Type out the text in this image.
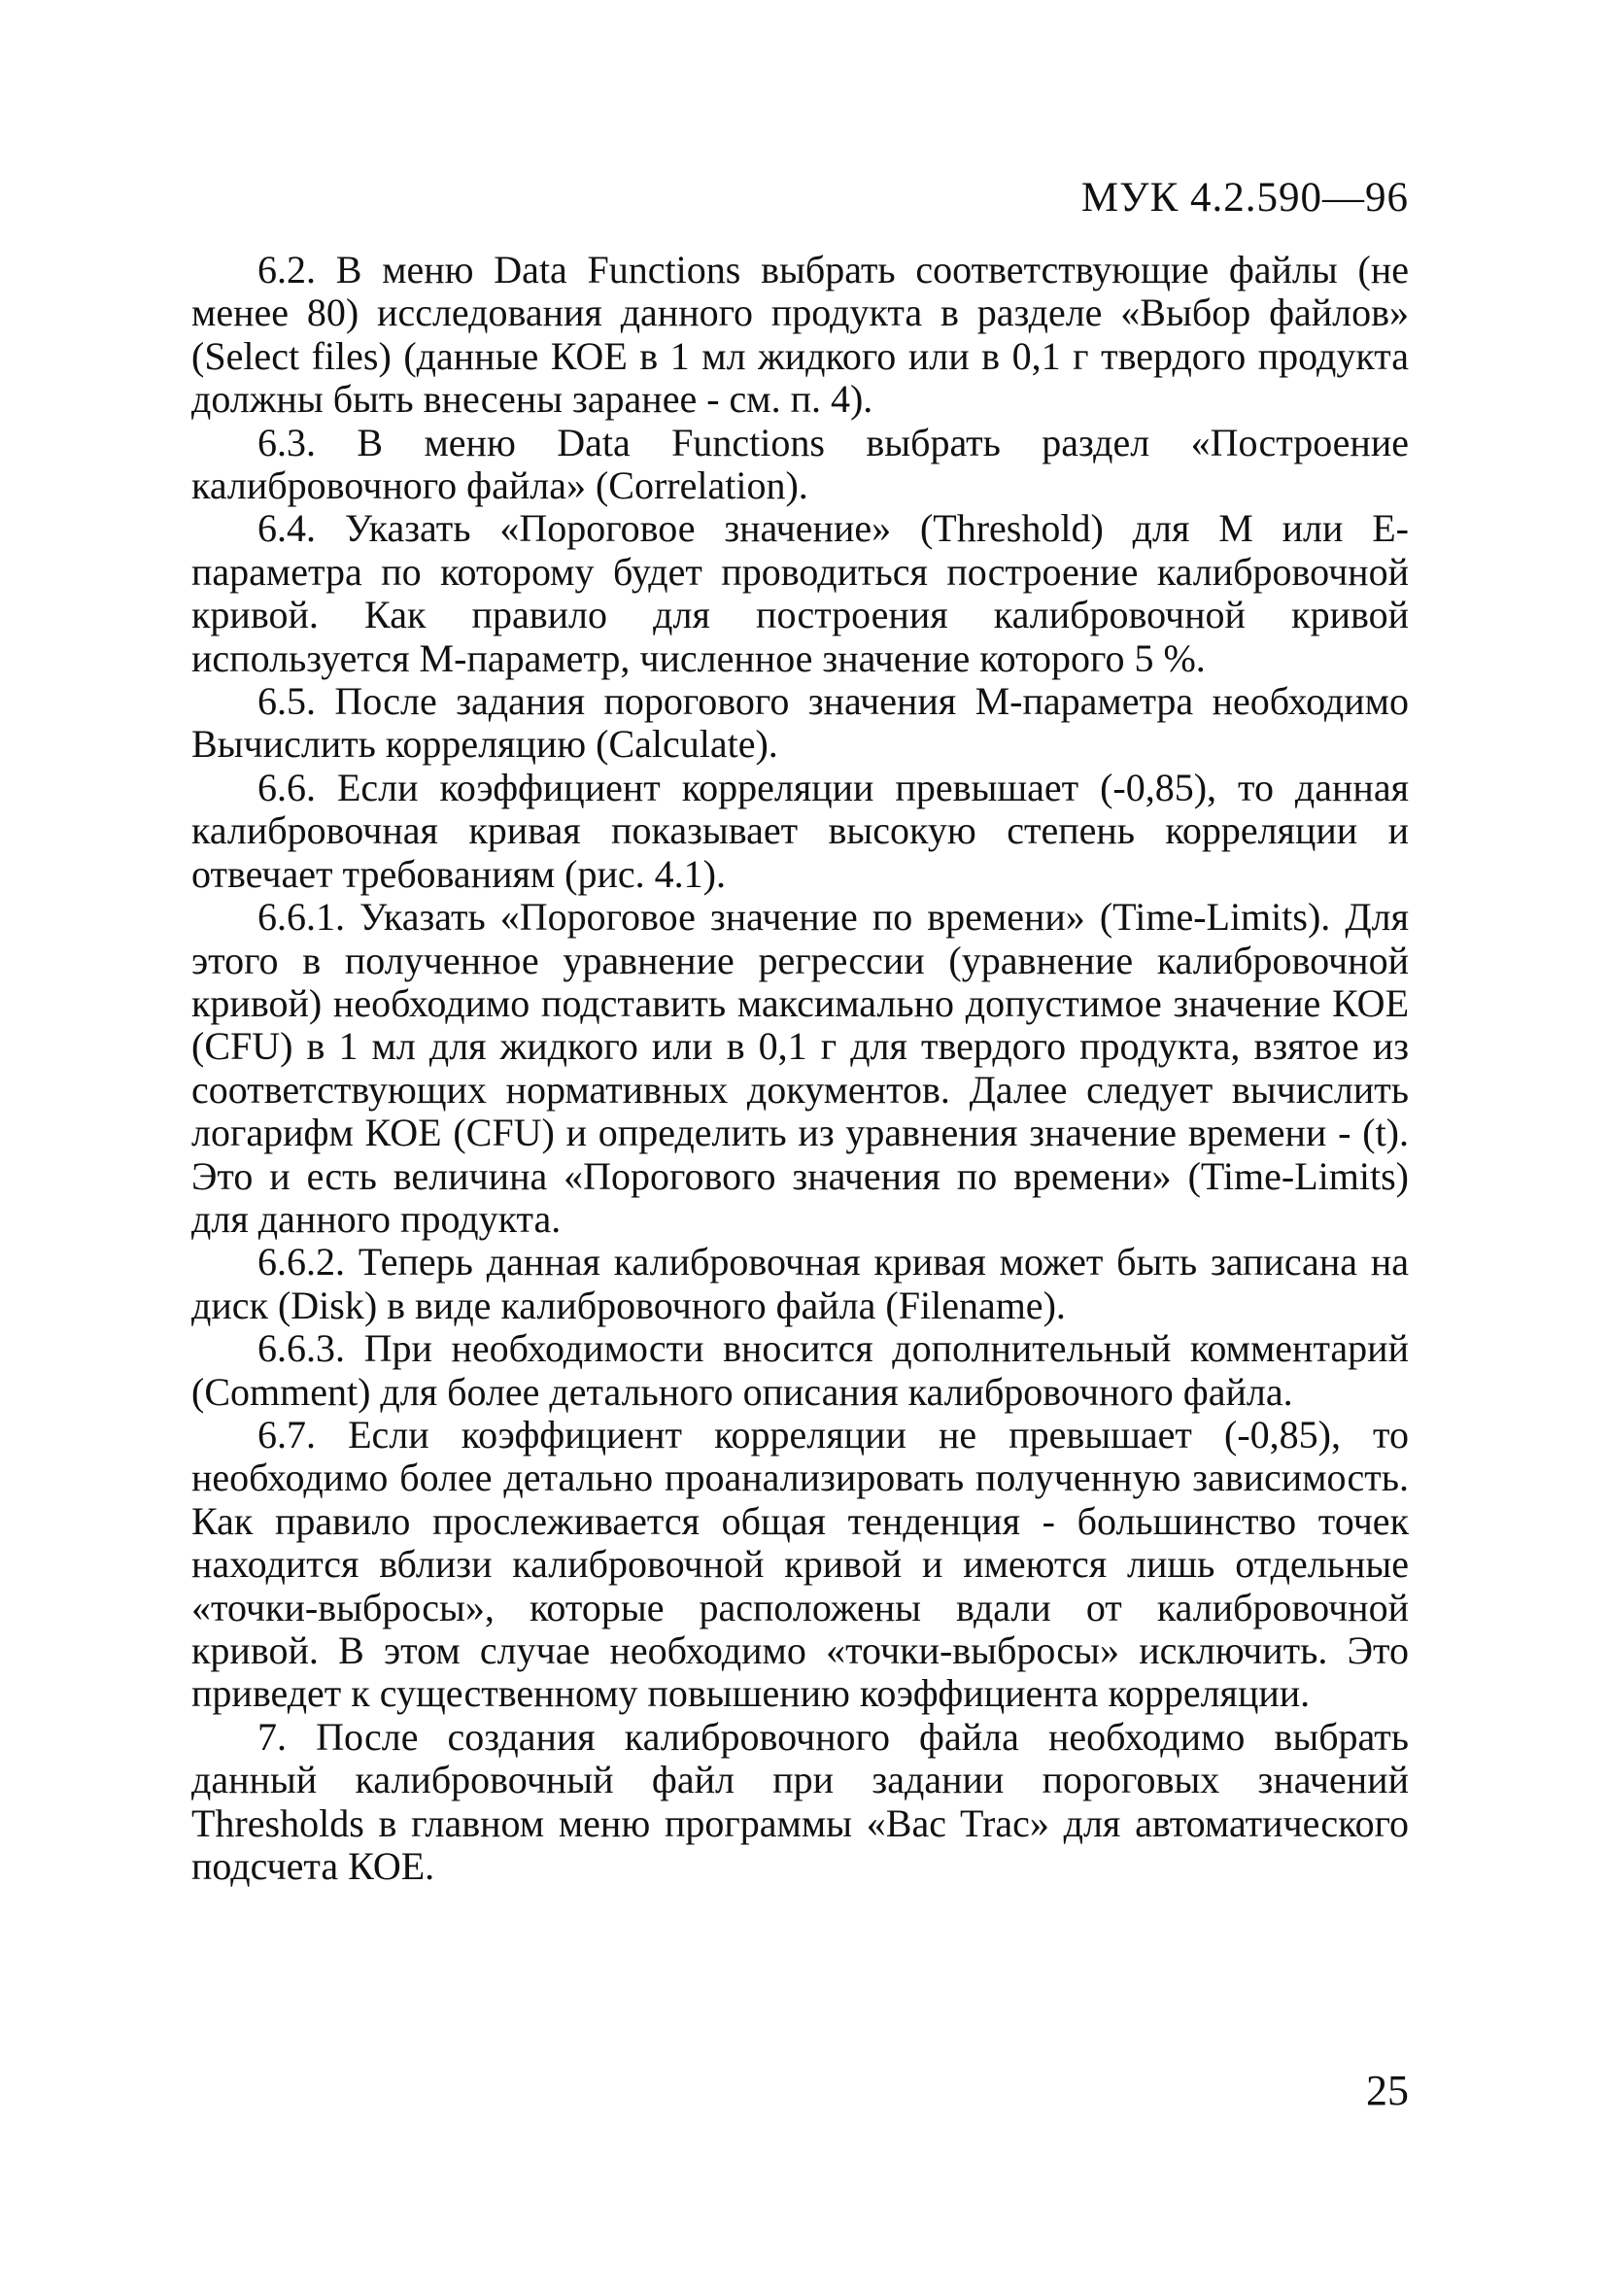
МУК 4.2.590—96

6.2. В меню Data Functions выбрать соответствующие файлы (не менее 80) исследования данного продукта в разделе «Выбор файлов» (Select files) (данные КОЕ в 1 мл жидкого или в 0,1 г твердого продукта должны быть внесены заранее - см. п. 4).

6.3. В меню Data Functions выбрать раздел «Построение калибровочного файла» (Correlation).

6.4. Указать «Пороговое значение» (Threshold) для М или Е-параметра по которому будет проводиться построение калибровочной кривой. Как правило для построения калибровочной кривой используется М-параметр, численное значение которого 5 %.

6.5. После задания порогового значения М-параметра необходимо Вычислить корреляцию (Calculate).

6.6. Если коэффициент корреляции превышает (-0,85), то данная калибровочная кривая показывает высокую степень корреляции и отвечает требованиям (рис. 4.1).

6.6.1. Указать «Пороговое значение по времени» (Time-Limits). Для этого в полученное уравнение регрессии (уравнение калибровочной кривой) необходимо подставить максимально допустимое значение КОЕ (CFU) в 1 мл для жидкого или в 0,1 г для твердого продукта, взятое из соответствующих нормативных документов. Далее следует вычислить логарифм КОЕ (CFU) и определить из уравнения значение времени - (t). Это и есть величина «Порогового значения по времени» (Time-Limits) для данного продукта.

6.6.2. Теперь данная калибровочная кривая может быть записана на диск (Disk) в виде калибровочного файла (Filename).

6.6.3. При необходимости вносится дополнительный комментарий (Comment) для более детального описания калибровочного файла.

6.7. Если коэффициент корреляции не превышает (-0,85), то необходимо более детально проанализировать полученную зависимость. Как правило прослеживается общая тенденция - большинство точек находится вблизи калибровочной кривой и имеются лишь отдельные «точки-выбросы», которые расположены вдали от калибровочной кривой. В этом случае необходимо «точки-выбросы» исключить. Это приведет к существенному повышению коэффициента корреляции.

7. После создания калибровочного файла необходимо выбрать данный калибровочный файл при задании пороговых значений Thresholds в главном меню программы «Bac Trac» для автоматического подсчета КОЕ.

25
